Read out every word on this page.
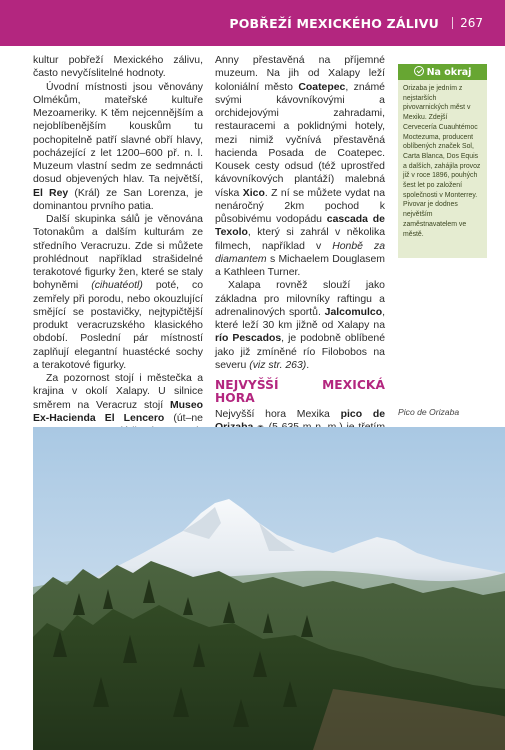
POBŘEŽÍ MEXICKÉHO ZÁLIVU 267

kultur pobřeží Mexického zálivu, často nevyčíslitelné hodnoty.

Úvodní místnosti jsou věnovány Olmékům, mateřské kultuře Mezoameriky. K těm nejcennějším a nejoblíbenějším kouskům tu pochopitelně patří slavné obří hlavy, pocházející z let 1200–600 př. n. l. Muzeum vlastní sedm ze sedmnácti dosud objevených hlav. Ta největší, El Rey (Král) ze San Lorenza, je dominantou prvního patia.

Další skupinka sálů je věnována Totonakům a dalším kulturám ze středního Veracruzu. Zde si můžete prohlédnout například strašidelné terakotové figurky žen, které se staly bohyněmi (cihuatéotl) poté, co zemřely při porodu, nebo okouzlující smějící se postavičky, nejtypičtější produkt veracruzského klasického období. Poslední pár místností zaplňují elegantní huastécké sochy a terakotové figurky.

Za pozornost stojí i městečka a krajina v okolí Xalapy. U silnice směrem na Veracruz stojí Museo Ex-Hacienda El Lencero (út–ne

Anny přestavěná na příjemné muzeum. Na jih od Xalapy leží koloniální město Coatepec, známé svými kávovníkovými a orchidejovými zahradami, restauracemi a poklidnými hotely, mezi nimiž vyčnívá přestavěná hacienda Posada de Coatepec. Kousek cesty odsud (též uprostřed kávovníkových plantáží) malebná víska Xico. Z ní se můžete vydat na nenáročný 2km pochod k působivému vodopádu cascada de Texolo, který si zahrál v několika filmech, například v Honbě za diamantem s Michaelem Douglasem a Kathleen Turner.

Xalapa rovněž slouží jako základna pro milovníky raftingu a adrenalinových sportů. Jalcomulco, které leží 30 km jižně od Xalapy na río Pescados, je podobně oblíbené jako již zmíněné río Filobobos na severu (viz str. 263).

NEJVYŠŠÍ MEXICKÁ HORA

Nejvyšší hora Mexika pico de

Na okraj
Orizaba je jedním z nejstarších pivovarnických měst v Mexiku. Zdejší Cervecería Cuauhtémoc Moctezuma, producent oblíbených značek Sol, Carta Blanca, Dos Equis a dalších, zahájila provoz již v roce 1896, pouhých šest let po založení společnosti v Monterrey. Pivovar je dodnes největším zaměstnavatelem ve městě.
Pico de Orizaba
